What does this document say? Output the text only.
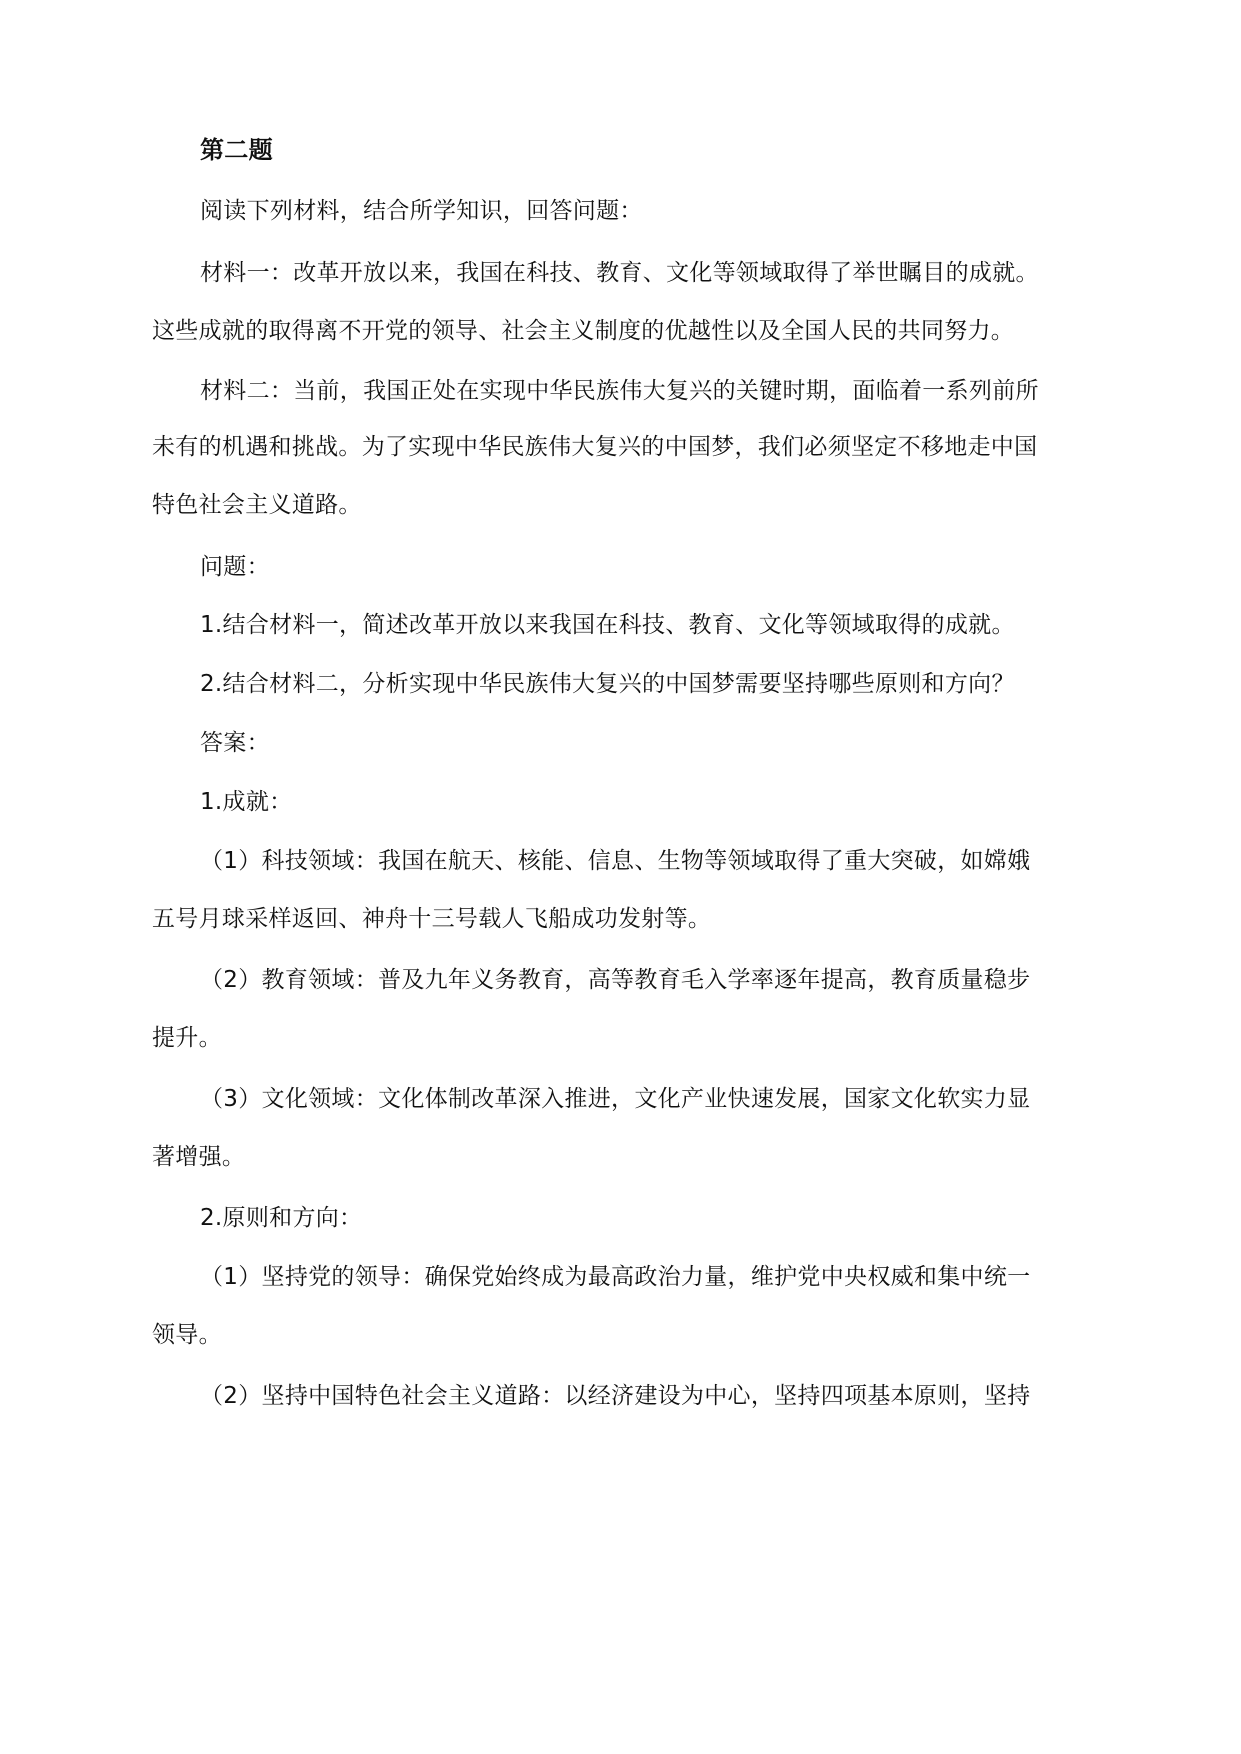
第二题
阅读下列材料，结合所学知识，回答问题：
材料一：改革开放以来，我国在科技、教育、文化等领域取得了举世瞩目的成就。
这些成就的取得离不开党的领导、社会主义制度的优越性以及全国人民的共同努力。
材料二：当前，我国正处在实现中华民族伟大复兴的关键时期，面临着一系列前所
未有的机遇和挑战。为了实现中华民族伟大复兴的中国梦，我们必须坚定不移地走中国
特色社会主义道路。
问题：
1.结合材料一，简述改革开放以来我国在科技、教育、文化等领域取得的成就。
2.结合材料二，分析实现中华民族伟大复兴的中国梦需要坚持哪些原则和方向？
答案：
1.成就：
（1）科技领域：我国在航天、核能、信息、生物等领域取得了重大突破，如嫦娥
五号月球采样返回、神舟十三号载人飞船成功发射等。
（2）教育领域：普及九年义务教育，高等教育毛入学率逐年提高，教育质量稳步
提升。
（3）文化领域：文化体制改革深入推进，文化产业快速发展，国家文化软实力显
著增强。
2.原则和方向：
（1）坚持党的领导：确保党始终成为最高政治力量，维护党中央权威和集中统一
领导。
（2）坚持中国特色社会主义道路：以经济建设为中心，坚持四项基本原则，坚持
